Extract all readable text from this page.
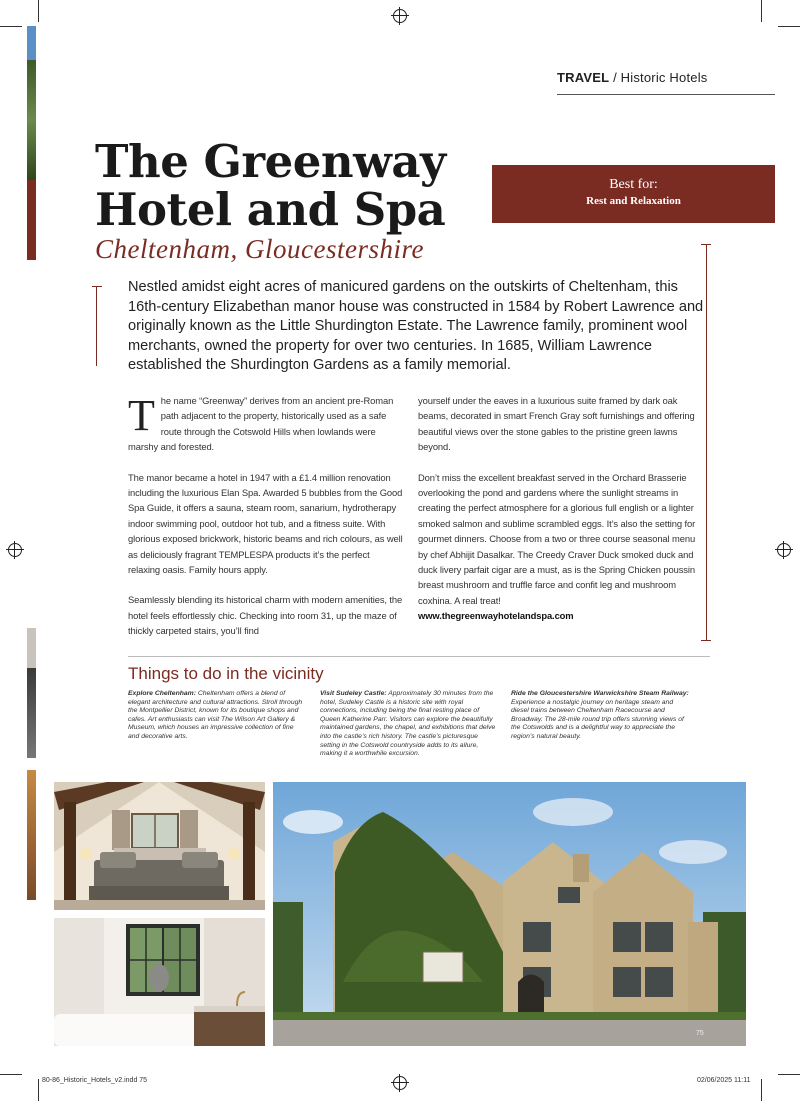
TRAVEL / Historic Hotels
The Greenway
Hotel and Spa
Cheltenham, Gloucestershire
Best for:
Rest and Relaxation
Nestled amidst eight acres of manicured gardens on the outskirts of Cheltenham, this 16th-century Elizabethan manor house was constructed in 1584 by Robert Lawrence and originally known as the Little Shurdington Estate. The Lawrence family, prominent wool merchants, owned the property for over two centuries. In 1685, William Lawrence established the Shurdington Gardens as a family memorial.

The name “Greenway” derives from an ancient pre-Roman path adjacent to the property, historically used as a safe route through the Cotswold Hills when lowlands were marshy and forested.

The manor became a hotel in 1947 with a £1.4 million renovation including the luxurious Elan Spa. Awarded 5 bubbles from the Good Spa Guide, it offers a sauna, steam room, sanarium, hydrotherapy indoor swimming pool, outdoor hot tub, and a fitness suite. With glorious exposed brickwork, historic beams and rich colours, as well as deliciously fragrant TEMPLESPA products it’s the perfect relaxing oasis. Family hours apply.

Seamlessly blending its historical charm with modern amenities, the hotel feels effortlessly chic. Checking into room 31, up the maze of thickly carpeted stairs, you’ll find

yourself under the eaves in a luxurious suite framed by dark oak beams, decorated in smart French Gray soft furnishings and offering beautiful views over the stone gables to the pristine green lawns beyond.

Don’t miss the excellent breakfast served in the Orchard Brasserie overlooking the pond and gardens where the sunlight streams in creating the perfect atmosphere for a glorious full english or a lighter smoked salmon and sublime scrambled eggs. It’s also the setting for gourmet dinners. Choose from a two or three course seasonal menu by chef Abhijit Dasalkar. The Creedy Craver Duck smoked duck and duck livery parfait cigar are a must, as is the Spring Chicken poussin breast mushroom and truffle farce and confit leg and mushroom coxhina. A real treat!

www.thegreenwayhotelandspa.com
Things to do in the vicinity
Explore Cheltenham: Cheltenham offers a blend of elegant architecture and cultural attractions. Stroll through the Montpellier District, known for its boutique shops and cafes. Art enthusiasts can visit The Wilson Art Gallery & Museum, which houses an impressive collection of fine and decorative arts.
Visit Sudeley Castle: Approximately 30 minutes from the hotel, Sudeley Castle is a historic site with royal connections, including being the final resting place of Queen Katherine Parr. Visitors can explore the beautifully maintained gardens, the chapel, and exhibitions that delve into the castle’s rich history. The castle’s picturesque setting in the Cotswold countryside adds to its allure, making it a worthwhile excursion.
Ride the Gloucestershire Warwickshire Steam Railway: Experience a nostalgic journey on heritage steam and diesel trains between Cheltenham Racecourse and Broadway. The 28-mile round trip offers stunning views of the Cotswolds and is a delightful way to appreciate the region’s natural beauty.
75
80-86_Historic_Hotels_v2.indd 75	02/06/2025 11:11
